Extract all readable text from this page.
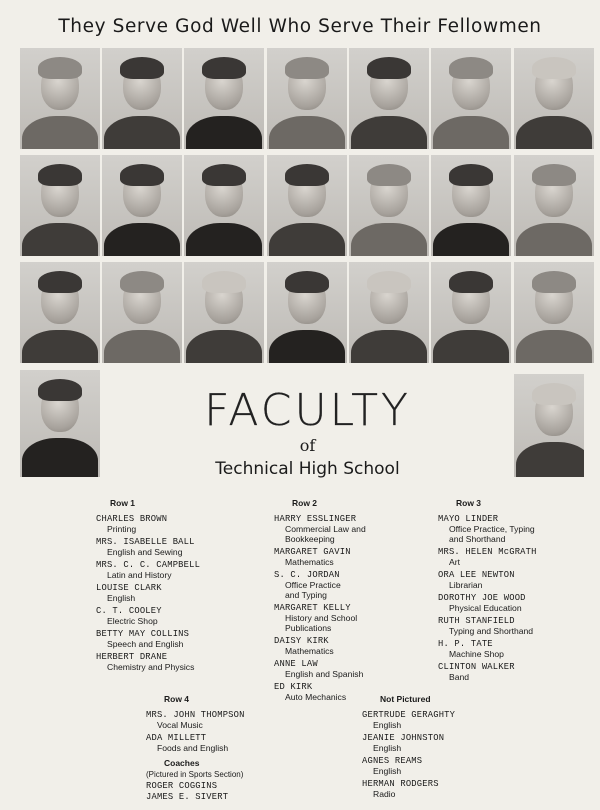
They Serve God Well Who Serve Their Fellowmen
FACULTY
of
Technical High School
Row 1
CHARLES BROWN
Printing
MRS. ISABELLE BALL
English and Sewing
MRS. C. C. CAMPBELL
Latin and History
LOUISE CLARK
English
C. T. COOLEY
Electric Shop
BETTY MAY COLLINS
Speech and English
HERBERT DRANE
Chemistry and Physics
Row 2
HARRY ESSLINGER
Commercial Law and
Bookkeeping
MARGARET GAVIN
Mathematics
S. C. JORDAN
Office Practice
and Typing
MARGARET KELLY
History and School
Publications
DAISY KIRK
Mathematics
ANNE LAW
English and Spanish
ED KIRK
Auto Mechanics
Row 3
MAYO LINDER
Office Practice, Typing
and Shorthand
MRS. HELEN McGRATH
Art
ORA LEE NEWTON
Librarian
DOROTHY JOE WOOD
Physical Education
RUTH STANFIELD
Typing and Shorthand
H. P. TATE
Machine Shop
CLINTON WALKER
Band
Row 4
MRS. JOHN THOMPSON
Vocal Music
ADA MILLETT
Foods and English
Coaches
(Pictured in Sports Section)
ROGER COGGINS
JAMES E. SIVERT
Not Pictured
GERTRUDE GERAGHTY
English
JEANIE JOHNSTON
English
AGNES REAMS
English
HERMAN RODGERS
Radio
